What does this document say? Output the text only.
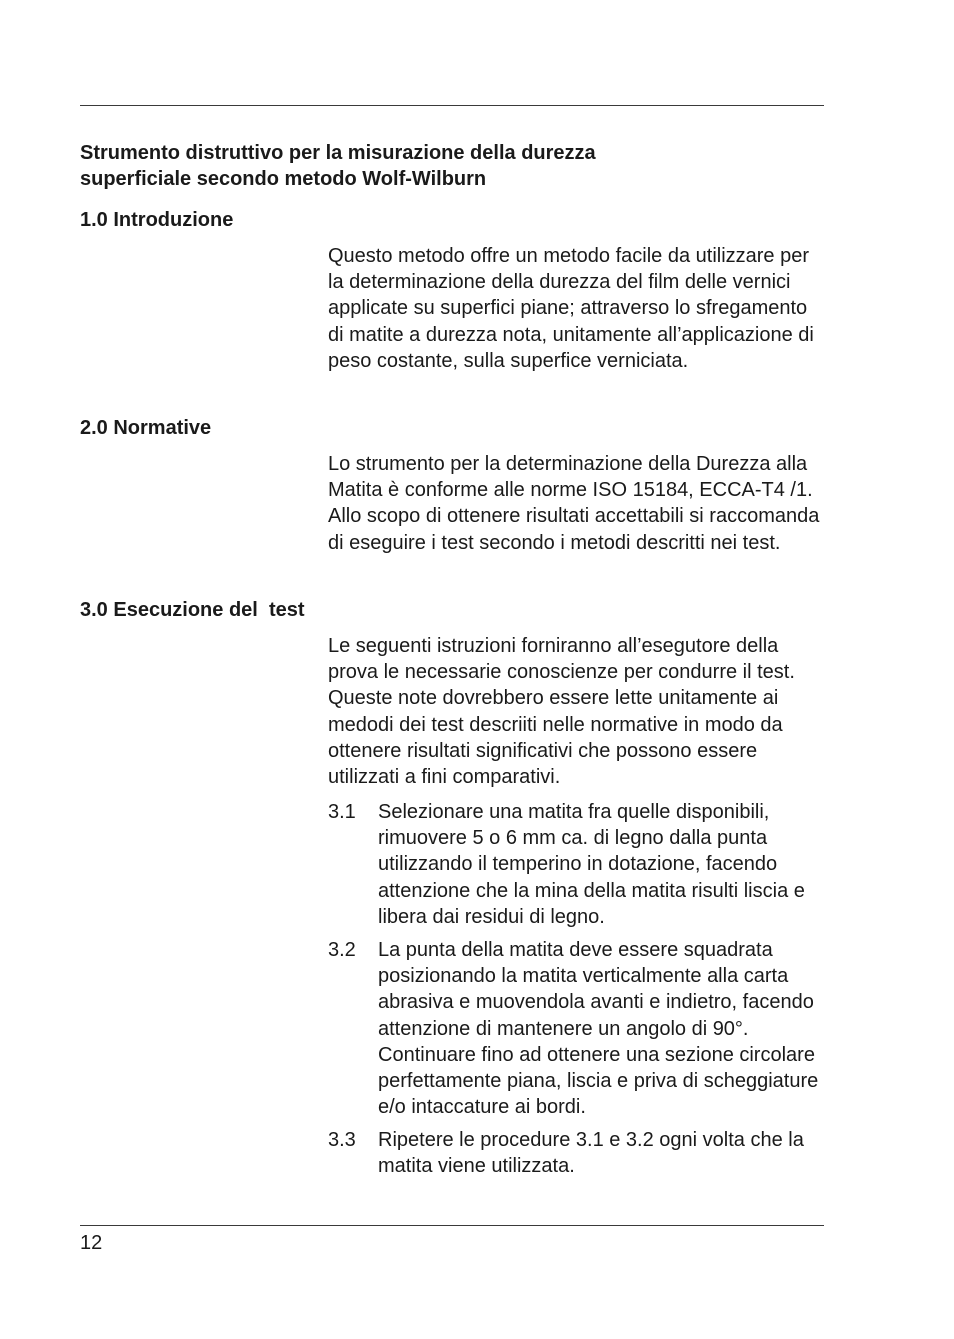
Strumento distruttivo per la misurazione della durezza superficiale secondo metodo Wolf-Wilburn
1.0 Introduzione

Questo metodo offre un metodo facile da utilizzare per la determinazione della durezza del film delle vernici applicate su superfici piane; attraverso lo sfregamento di matite a durezza nota, unitamente all’applicazione di peso costante, sulla superfice verniciata.

2.0 Normative

Lo strumento per la determinazione della Durezza alla Matita è conforme alle norme ISO 15184, ECCA-T4 /1. Allo scopo di ottenere risultati accettabili si raccomanda di eseguire i test secondo i metodi descritti nei test.

3.0 Esecuzione del  test

Le seguenti istruzioni forniranno all’esegutore della prova le necessarie conoscienze per condurre il test. Queste note dovrebbero essere lette unitamente ai medodi dei test descriiti nelle normative in modo da ottenere risultati significativi che possono essere utilizzati a fini comparativi.

3.1 Selezionare una matita fra quelle disponibili, rimuovere 5 o 6 mm ca. di legno dalla punta utilizzando il temperino in dotazione, facendo attenzione che la mina della matita risulti liscia e libera dai residui di legno.
3.2 La punta della matita deve essere squadrata posizionando la matita verticalmente alla carta abrasiva e muovendola avanti e indietro, facendo attenzione di mantenere un angolo di 90°. Continuare fino ad ottenere una sezione circolare perfettamente piana, liscia e priva di scheggiature e/o intaccature ai bordi.
3.3 Ripetere le procedure 3.1 e 3.2 ogni volta che la matita viene utilizzata.
12
